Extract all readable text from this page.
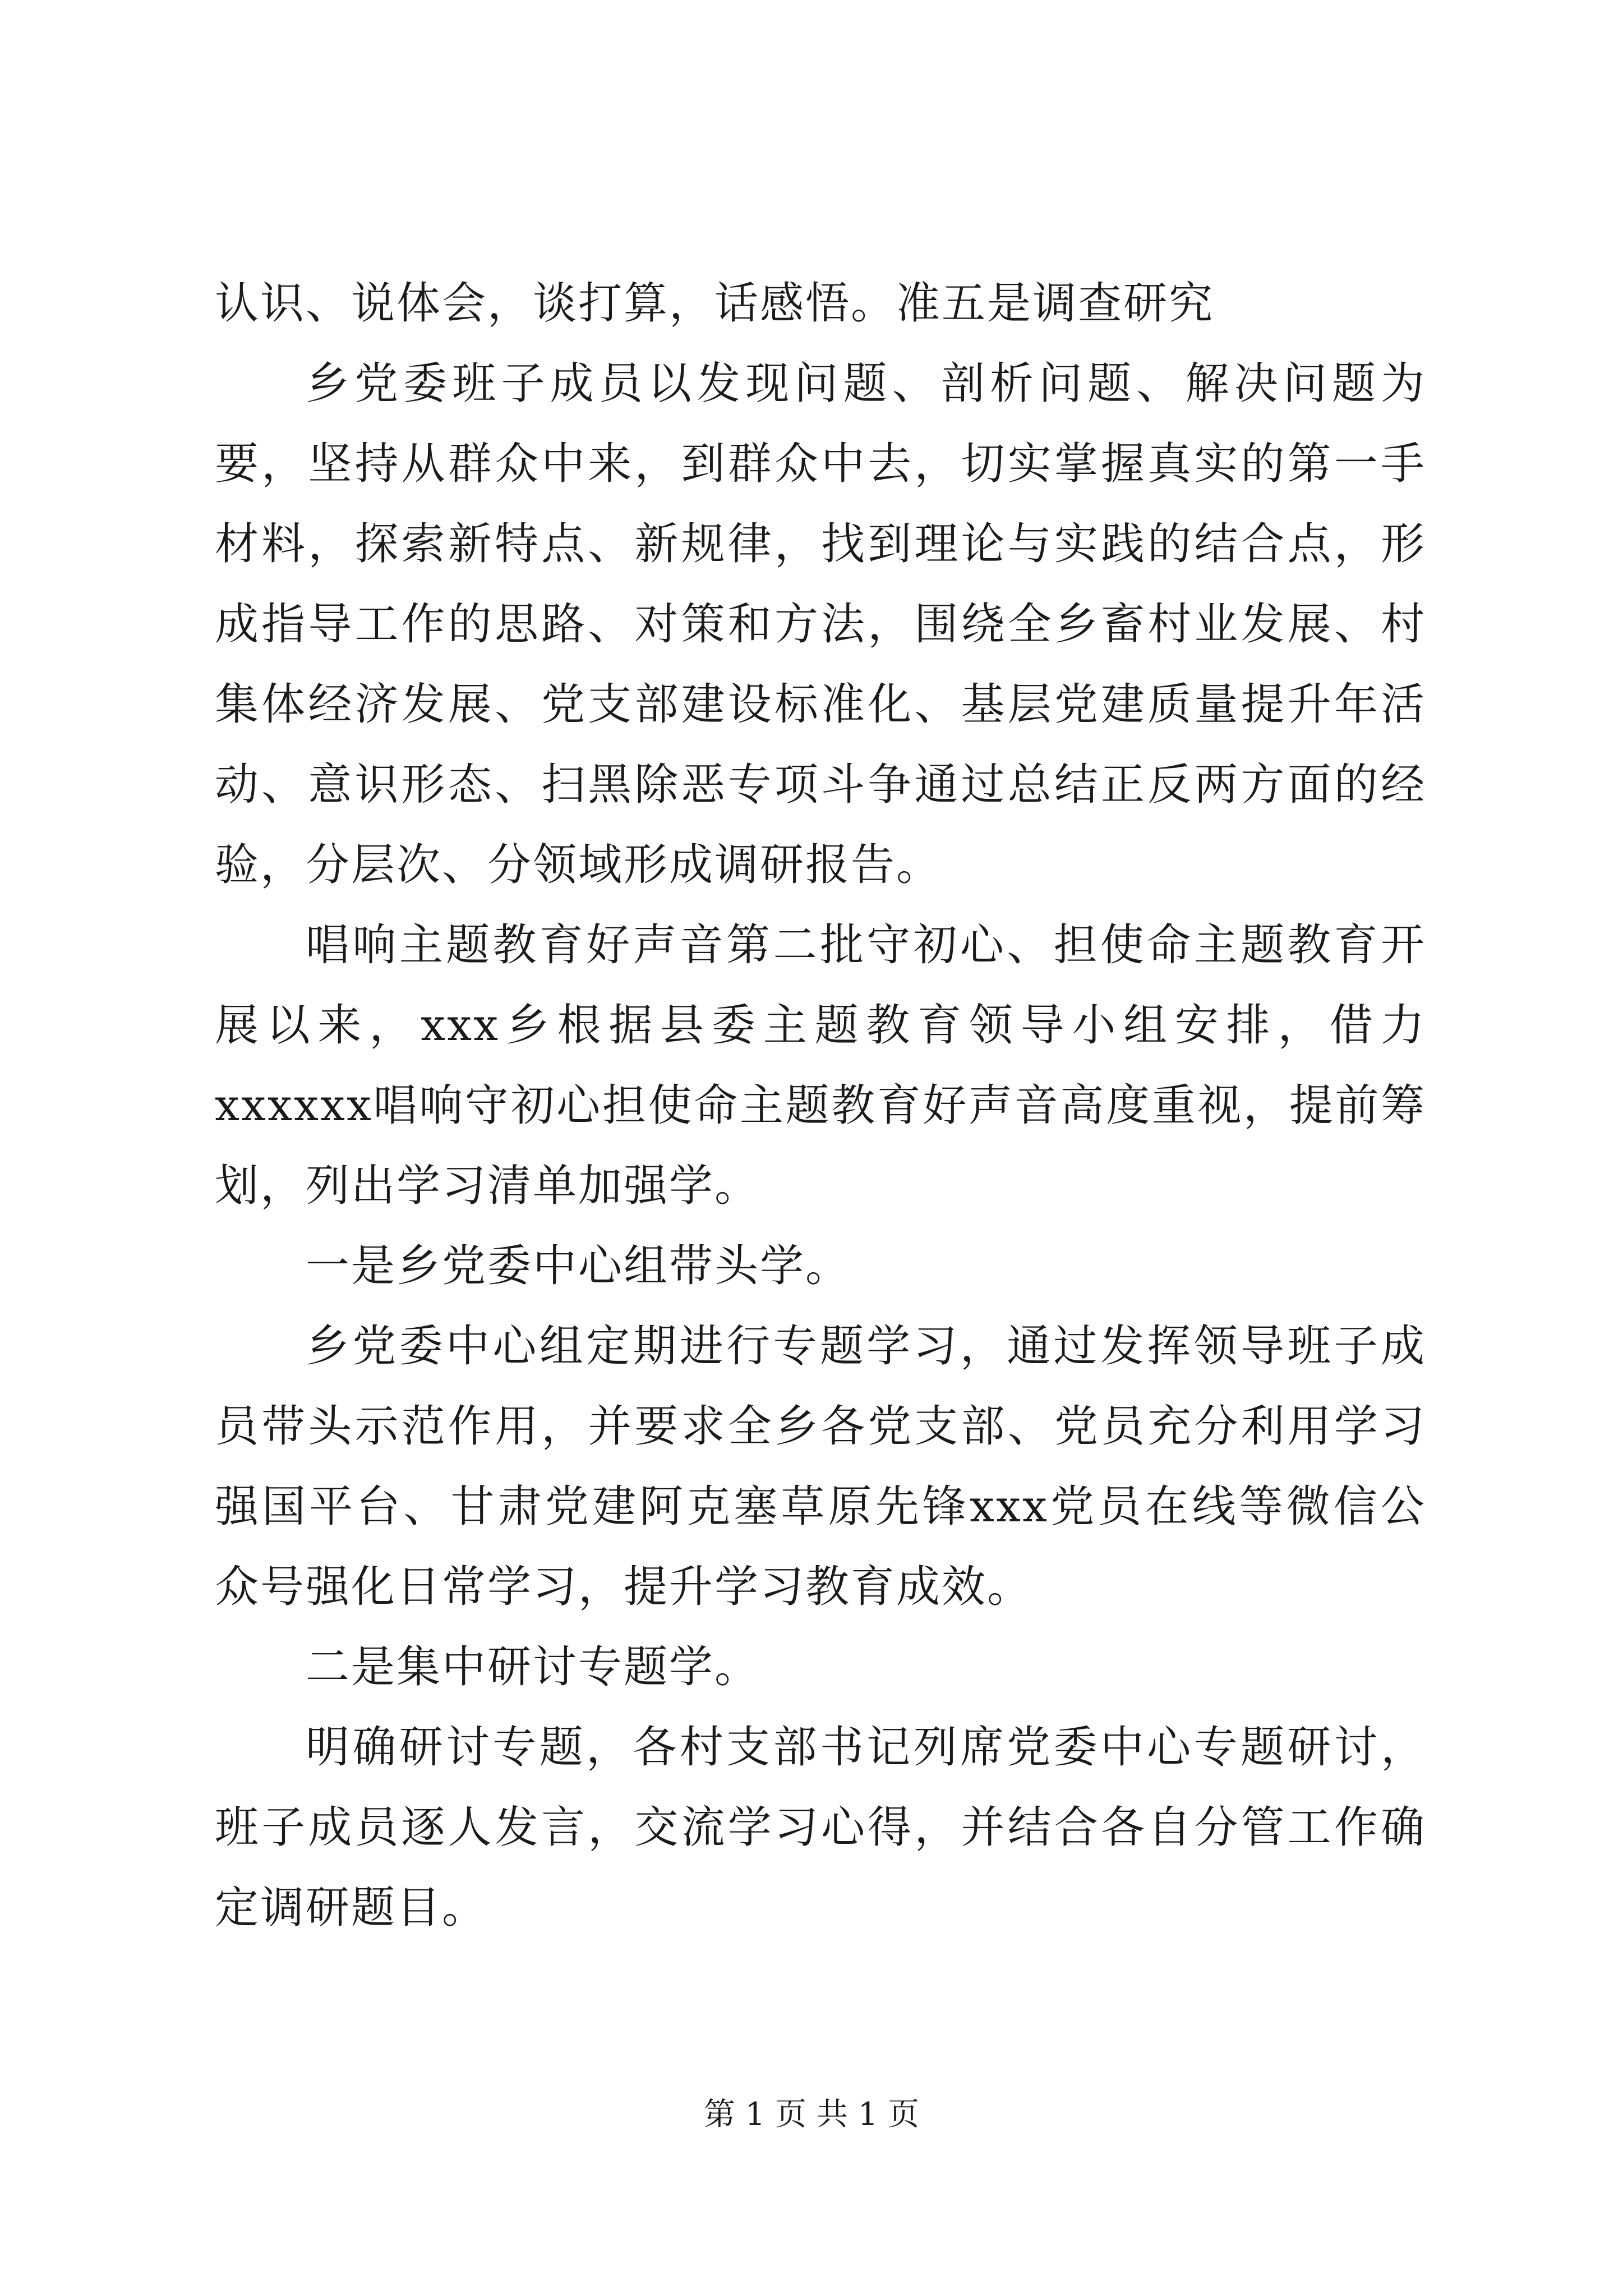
认识、说体会，谈打算，话感悟。准五是调查研究

乡党委班子成员以发现问题、剖析问题、解决问题为要，坚持从群众中来，到群众中去，切实掌握真实的第一手材料，探索新特点、新规律，找到理论与实践的结合点，形成指导工作的思路、对策和方法，围绕全乡畜村业发展、村集体经济发展、党支部建设标准化、基层党建质量提升年活动、意识形态、扫黑除恶专项斗争通过总结正反两方面的经验，分层次、分领域形成调研报告。

唱响主题教育好声音第二批守初心、担使命主题教育开展以来，xxx乡根据县委主题教育领导小组安排，借力xxxxxx唱响守初心担使命主题教育好声音高度重视，提前筹划，列出学习清单加强学。

一是乡党委中心组带头学。

乡党委中心组定期进行专题学习，通过发挥领导班子成员带头示范作用，并要求全乡各党支部、党员充分利用学习强国平台、甘肃党建阿克塞草原先锋xxx党员在线等微信公众号强化日常学习，提升学习教育成效。

二是集中研讨专题学。

明确研讨专题，各村支部书记列席党委中心专题研讨，班子成员逐人发言，交流学习心得，并结合各自分管工作确定调研题目。

第 1 页 共 1 页
